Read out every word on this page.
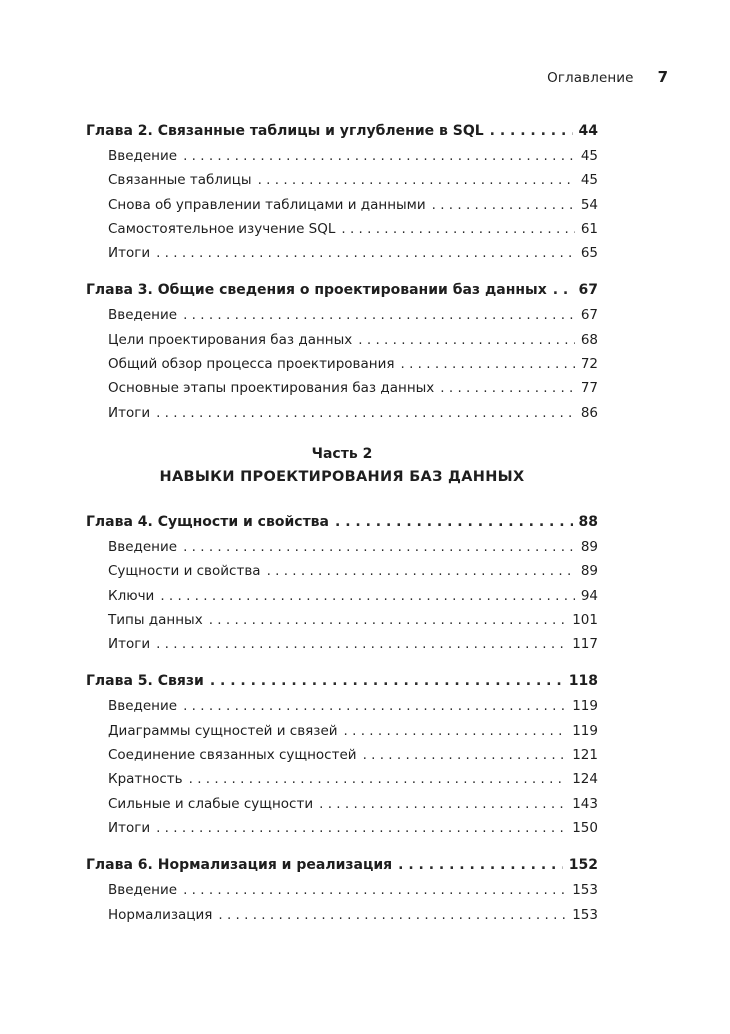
Оглавление 7
Глава 2. Связанные таблицы и углубление в SQL . . .	44
Введение . . .	45
Связанные таблицы . . .	45
Снова об управлении таблицами и данными . . .	54
Самостоятельное изучение SQL . . .	61
Итоги . . .	65
Глава 3. Общие сведения о проектировании баз данных . . . 67
Введение . . .	67
Цели проектирования баз данных . . .	68
Общий обзор процесса проектирования . . .	72
Основные этапы проектирования баз данных . . .	77
Итоги . . .	86
Часть 2
НАВЫКИ ПРОЕКТИРОВАНИЯ БАЗ ДАННЫХ
Глава 4. Сущности и свойства . . .	88
Введение . . .	89
Сущности и свойства . . .	89
Ключи . . .	94
Типы данных . . .	101
Итоги . . .	117
Глава 5. Связи . . .	118
Введение . . .	119
Диаграммы сущностей и связей . . .	119
Соединение связанных сущностей . . .	121
Кратность . . .	124
Сильные и слабые сущности . . .	143
Итоги . . .	150
Глава 6. Нормализация и реализация . . .	152
Введение . . .	153
Нормализация . . .	153
